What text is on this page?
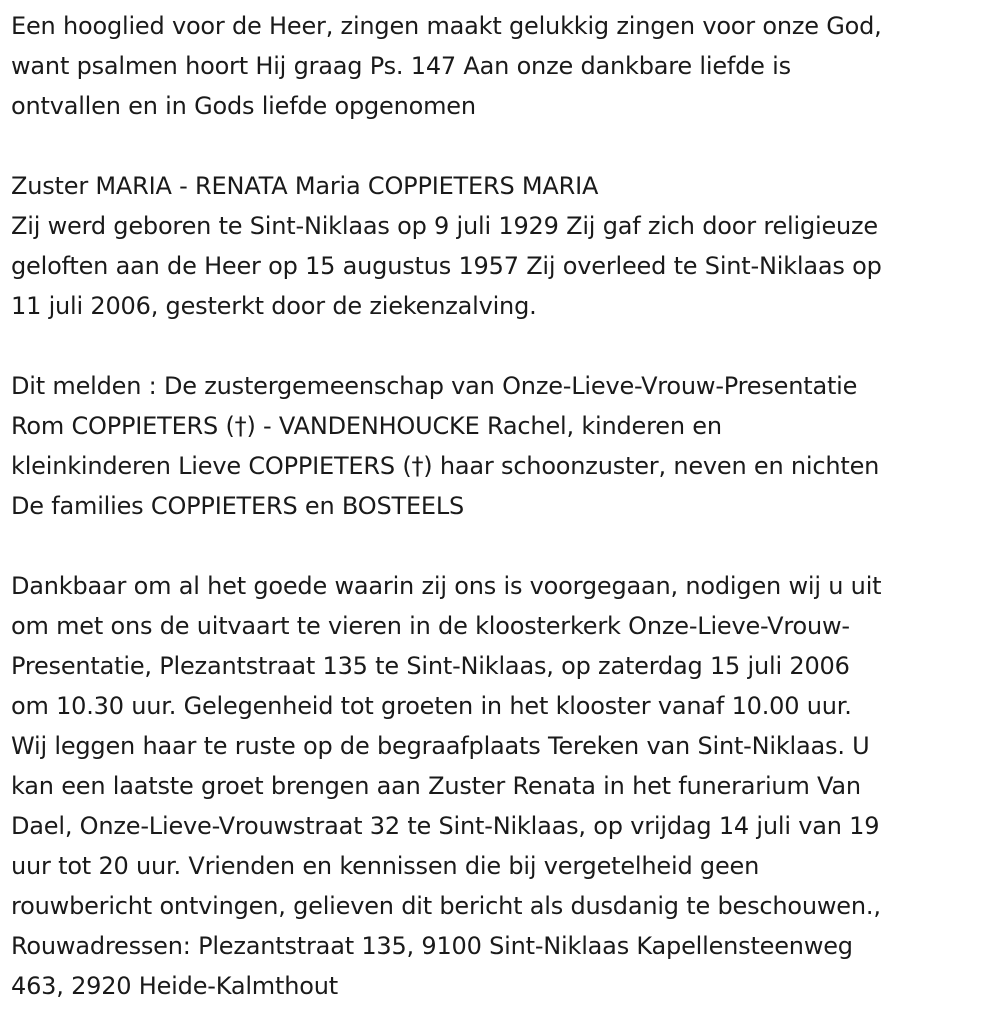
Een hooglied voor de Heer, zingen maakt gelukkig zingen voor onze God,
want psalmen hoort Hij graag Ps. 147 Aan onze dankbare liefde is
ontvallen en in Gods liefde opgenomen

Zuster MARIA - RENATA Maria COPPIETERS MARIA

Zij werd geboren te Sint-Niklaas op 9 juli 1929 Zij gaf zich door religieuze
geloften aan de Heer op 15 augustus 1957 Zij overleed te Sint-Niklaas op
11 juli 2006, gesterkt door de ziekenzalving.

Dit melden : De zustergemeenschap van Onze-Lieve-Vrouw-Presentatie
Rom COPPIETERS (†) - VANDENHOUCKE Rachel, kinderen en
kleinkinderen Lieve COPPIETERS (†) haar schoonzuster, neven en nichten
De families COPPIETERS en BOSTEELS

Dankbaar om al het goede waarin zij ons is voorgegaan, nodigen wij u uit
om met ons de uitvaart te vieren in de kloosterkerk Onze-Lieve-Vrouw-
Presentatie, Plezantstraat 135 te Sint-Niklaas, op zaterdag 15 juli 2006
om 10.30 uur. Gelegenheid tot groeten in het klooster vanaf 10.00 uur.
Wij leggen haar te ruste op de begraafplaats Tereken van Sint-Niklaas. U
kan een laatste groet brengen aan Zuster Renata in het funerarium Van
Dael, Onze-Lieve-Vrouwstraat 32 te Sint-Niklaas, op vrijdag 14 juli van 19
uur tot 20 uur. Vrienden en kennissen die bij vergetelheid geen
rouwbericht ontvingen, gelieven dit bericht als dusdanig te beschouwen.,
Rouwadressen: Plezantstraat 135, 9100 Sint-Niklaas Kapellensteenweg
463, 2920 Heide-Kalmthout
